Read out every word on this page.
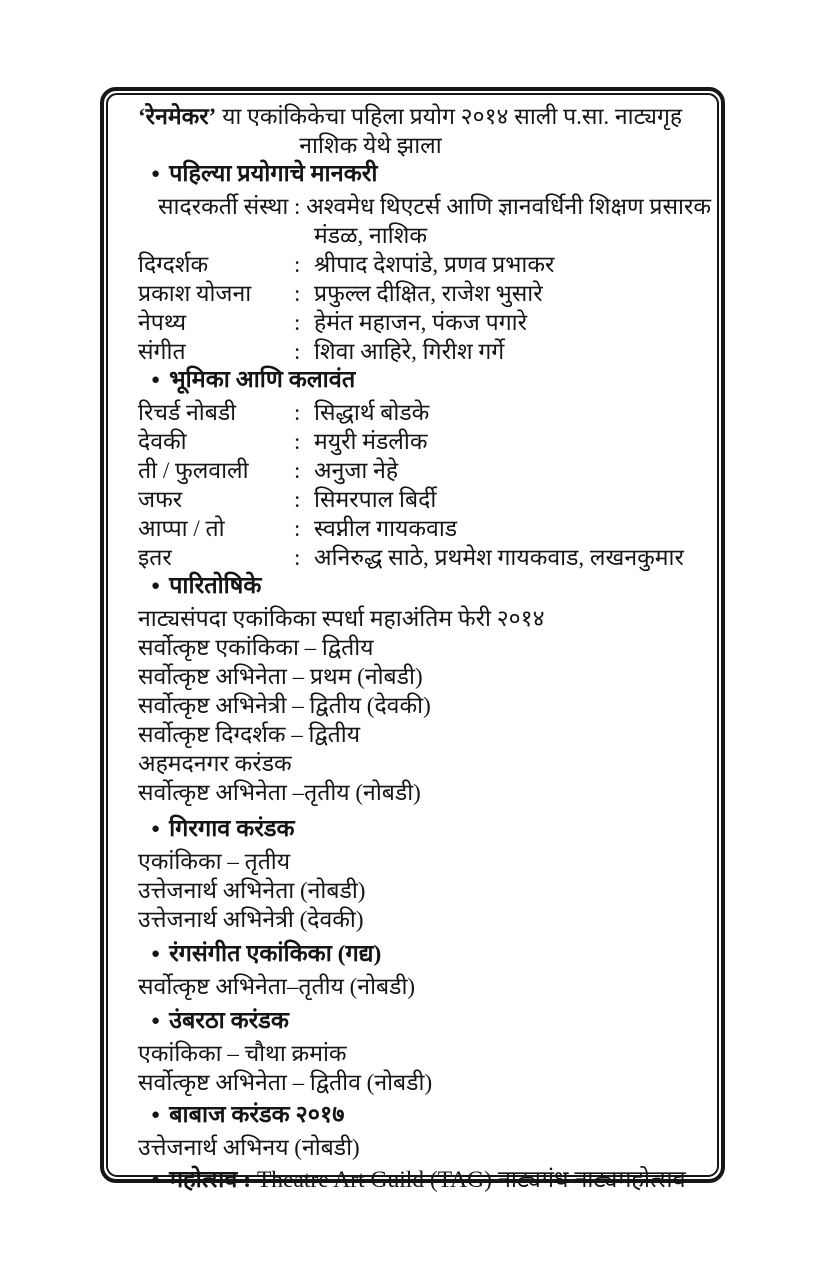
‘रेनमेकर’ या एकांकिकेचा पहिला प्रयोग २०१४ साली प.सा. नाट्यगृह
नाशिक येथे झाला
● पहिल्या प्रयोगाचे मानकरी
सादरकर्ती संस्था : अश्वमेध थिएटर्स आणि ज्ञानवर्धिनी शिक्षण प्रसारक
मंडळ, नाशिक
दिग्दर्शक	: श्रीपाद देशपांडे, प्रणव प्रभाकर
प्रकाश योजना	: प्रफुल्ल दीक्षित, राजेश भुसारे
नेपथ्य	: हेमंत महाजन, पंकज पगारे
संगीत	: शिवा आहिरे, गिरीश गर्गे
● भूमिका आणि कलावंत
रिचर्ड नोबडी	: सिद्धार्थ बोडके
देवकी	: मयुरी मंडलीक
ती / फुलवाली	: अनुजा नेहे
जफर	: सिमरपाल बिर्दी
आप्पा / तो	: स्वप्नील गायकवाड
इतर	: अनिरुद्ध साठे, प्रथमेश गायकवाड, लखनकुमार
● पारितोषिके
नाट्यसंपदा एकांकिका स्पर्धा महाअंतिम फेरी २०१४
सर्वोत्कृष्ट एकांकिका – द्वितीय
सर्वोत्कृष्ट अभिनेता – प्रथम (नोबडी)
सर्वोत्कृष्ट अभिनेत्री – द्वितीय (देवकी)
सर्वोत्कृष्ट दिग्दर्शक – द्वितीय
अहमदनगर करंडक
सर्वोत्कृष्ट अभिनेता –तृतीय (नोबडी)
● गिरगाव करंडक
एकांकिका – तृतीय
उत्तेजनार्थ अभिनेता (नोबडी)
उत्तेजनार्थ अभिनेत्री (देवकी)
● रंगसंगीत एकांकिका (गद्य)
सर्वोत्कृष्ट अभिनेता–तृतीय (नोबडी)
● उंबरठा करंडक
एकांकिका – चौथा क्रमांक
सर्वोत्कृष्ट अभिनेता – द्वितीव (नोबडी)
● बाबाज करंडक २०१७
उत्तेजनार्थ अभिनय (नोबडी)
● महोत्सव : Theatre Art Guild (TAG) नाट्यगंध नाट्यमहोत्सव
